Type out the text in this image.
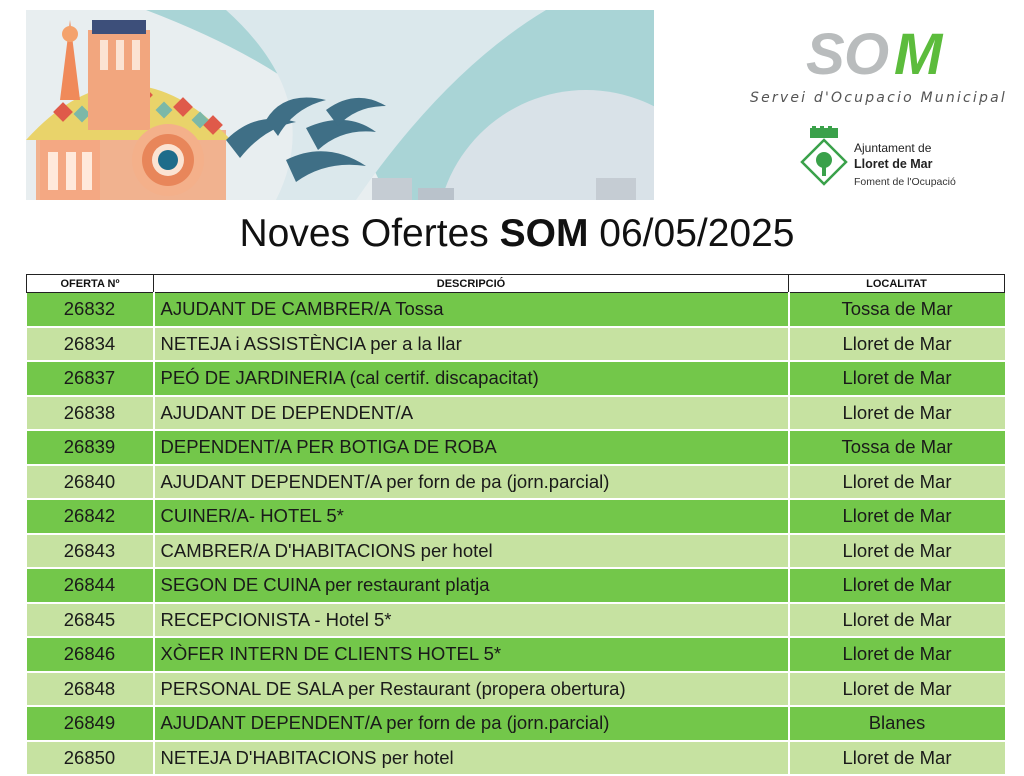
S O M
Servei d'Ocupacio Municipal
Ajuntament de
Lloret de Mar
Foment de l'Ocupació
Noves Ofertes SOM 06/05/2025
OFERTA Nº	DESCRIPCIÓ	LOCALITAT
26832	AJUDANT DE CAMBRER/A Tossa	Tossa de Mar
26834	NETEJA i ASSISTÈNCIA per a la llar	Lloret de Mar
26837	PEÓ DE JARDINERIA (cal certif. discapacitat)	Lloret de Mar
26838	AJUDANT DE DEPENDENT/A	Lloret de Mar
26839	DEPENDENT/A PER BOTIGA DE ROBA	Tossa de Mar
26840	AJUDANT DEPENDENT/A per forn de pa (jorn.parcial)	Lloret de Mar
26842	CUINER/A- HOTEL 5*	Lloret de Mar
26843	CAMBRER/A D'HABITACIONS per hotel	Lloret de Mar
26844	SEGON DE CUINA per restaurant platja	Lloret de Mar
26845	RECEPCIONISTA - Hotel 5*	Lloret de Mar
26846	XÒFER INTERN DE CLIENTS HOTEL 5*	Lloret de Mar
26848	PERSONAL DE SALA per Restaurant (propera obertura)	Lloret de Mar
26849	AJUDANT DEPENDENT/A per forn de pa (jorn.parcial)	Blanes
26850	NETEJA D'HABITACIONS per hotel	Lloret de Mar
